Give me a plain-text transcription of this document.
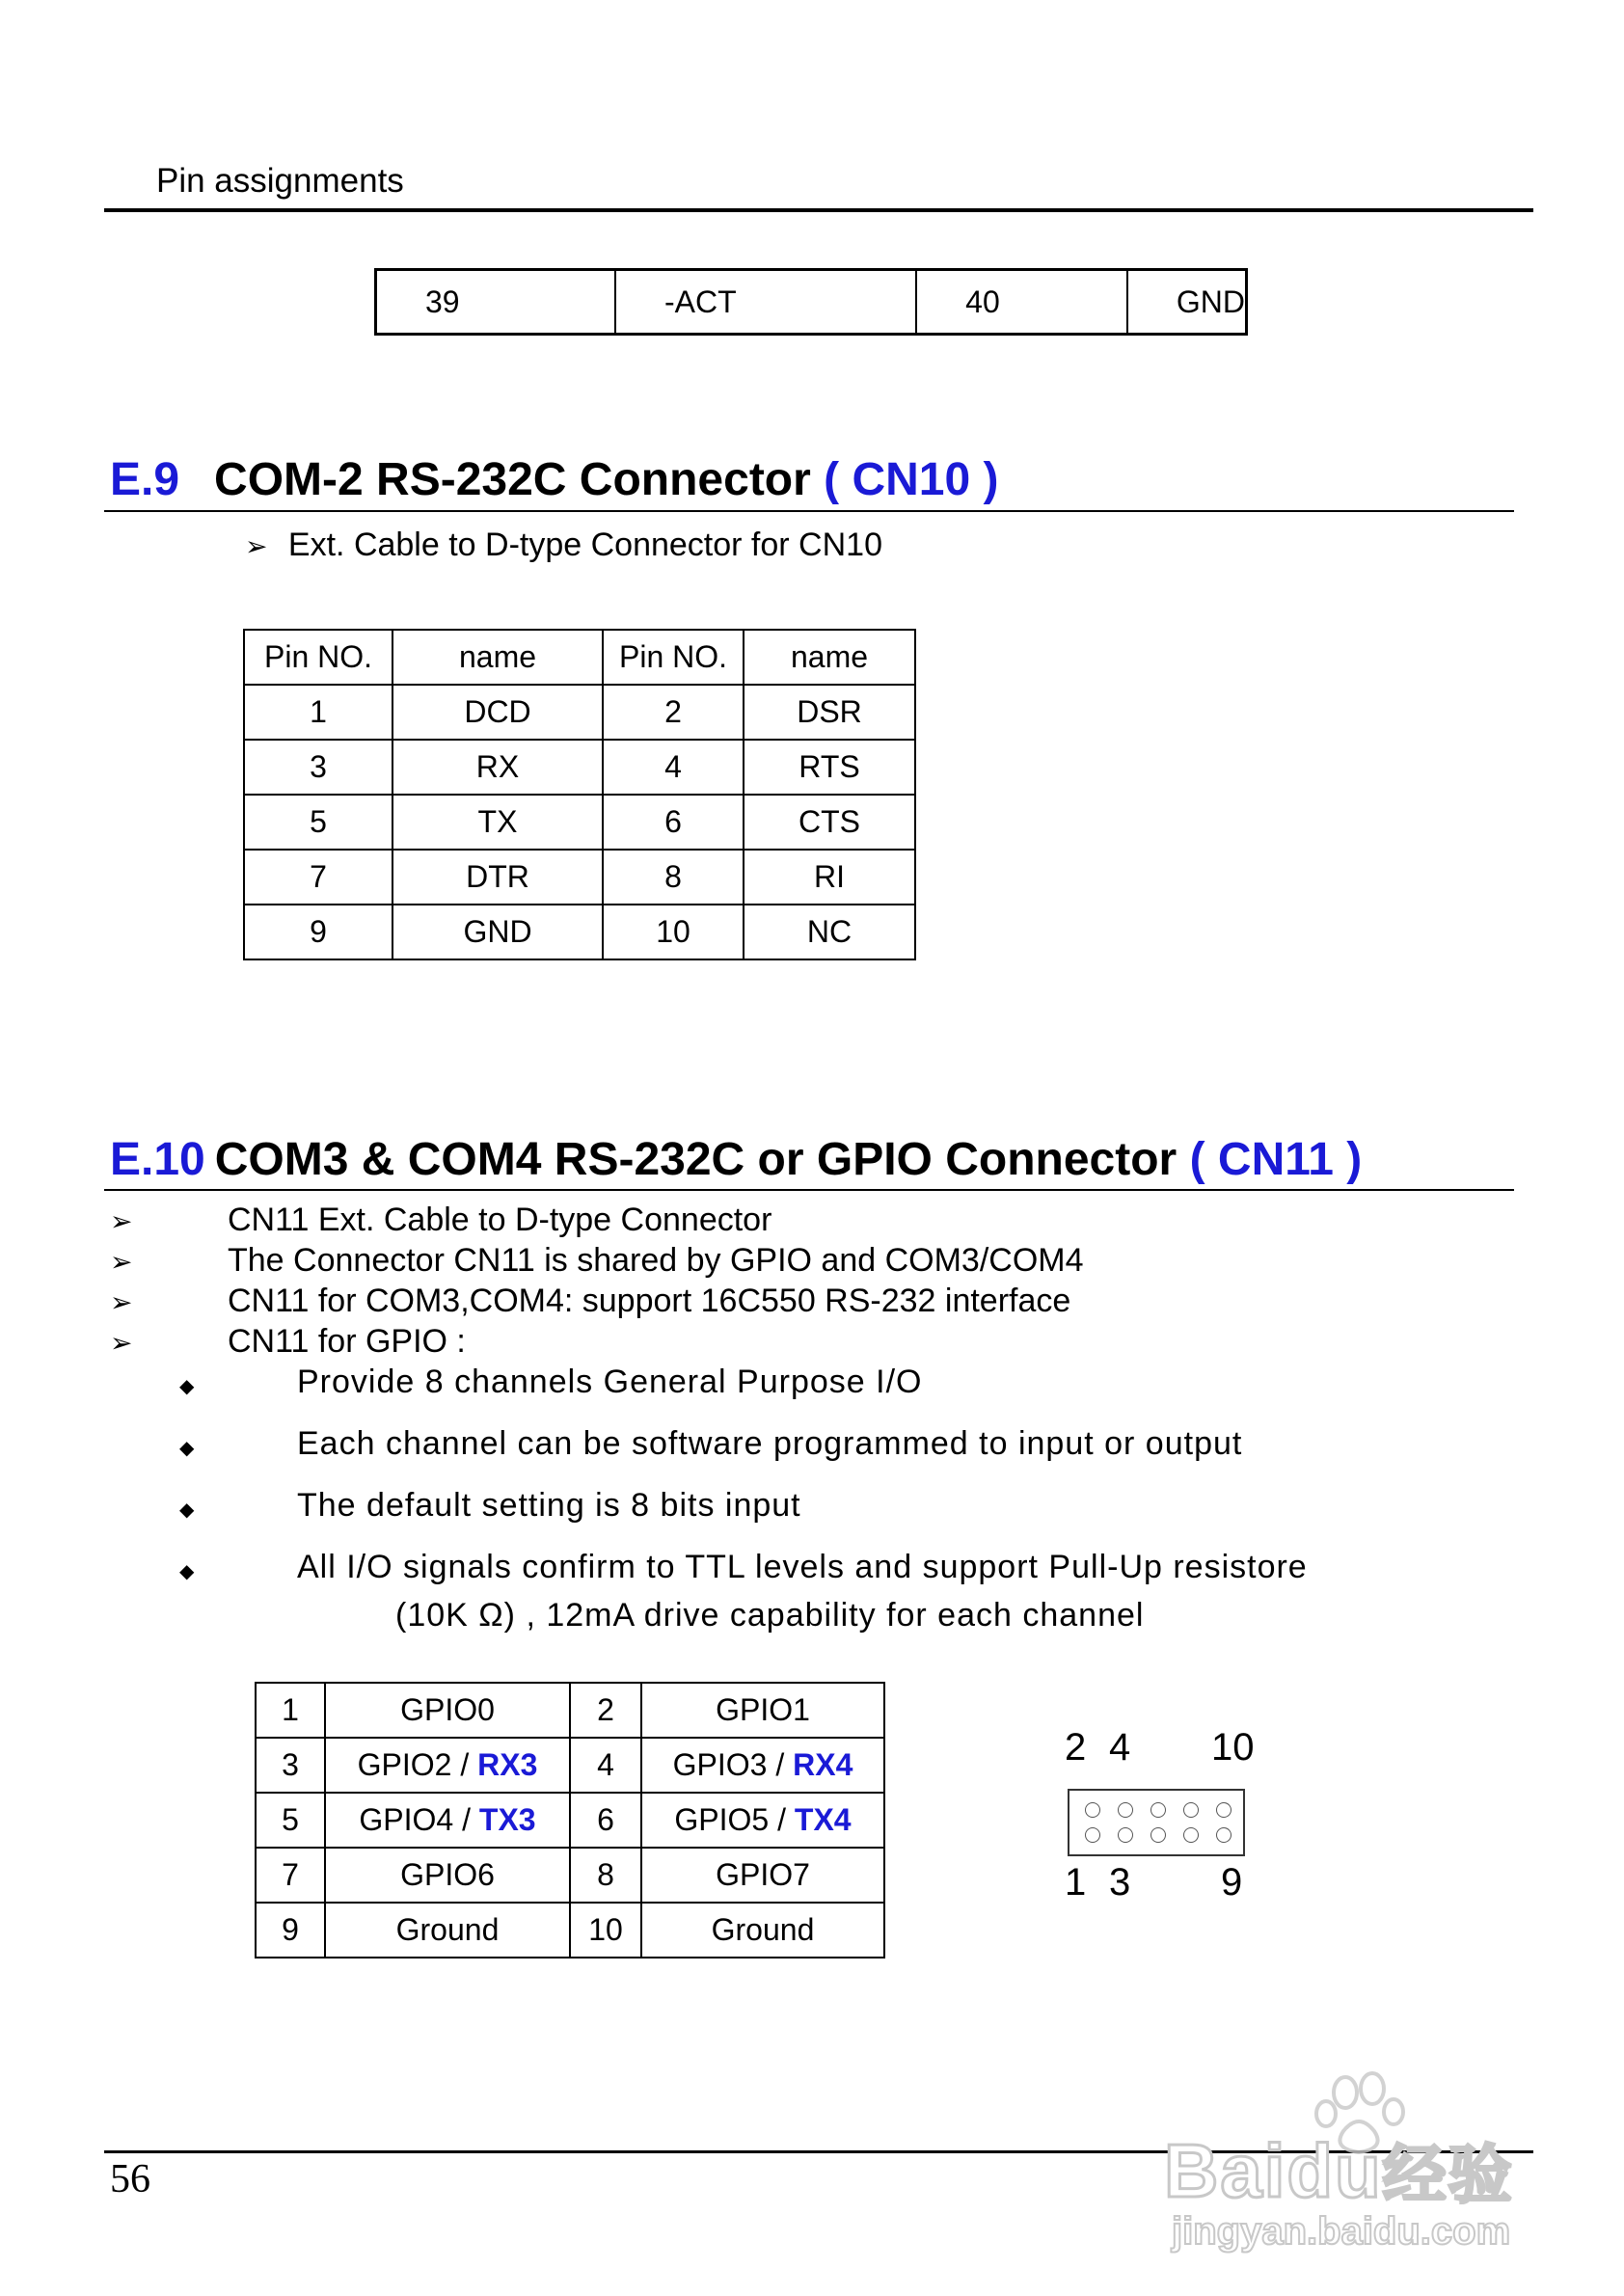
Pin assignments
39	-ACT	40	GND
E.9 COM-2 RS-232C Connector ( CN10 )
➢ Ext. Cable to D-type Connector for CN10
Pin NO.	name	Pin NO.	name
1	DCD	2	DSR
3	RX	4	RTS
5	TX	6	CTS
7	DTR	8	RI
9	GND	10	NC
E.10 COM3 & COM4 RS-232C or GPIO Connector ( CN11 )
➢	CN11 Ext. Cable to D-type Connector
➢	The Connector CN11 is shared by GPIO and COM3/COM4
➢	CN11 for COM3,COM4: support 16C550 RS-232 interface
➢	CN11 for GPIO :
◆	Provide 8 channels General Purpose I/O
◆	Each channel can be software programmed to input or output
◆	The default setting is 8 bits input
◆	All I/O signals confirm to TTL levels and support Pull-Up resistore
(10K Ω) , 12mA drive capability for each channel
1	GPIO0	2	GPIO1
3	GPIO2 / RX3	4	GPIO3 / RX4
5	GPIO4 / TX3	6	GPIO5 / TX4
7	GPIO6	8	GPIO7
9	Ground	10	Ground
2 4 10
1 3 9
56	Baidu经验
jingyan.baidu.com
